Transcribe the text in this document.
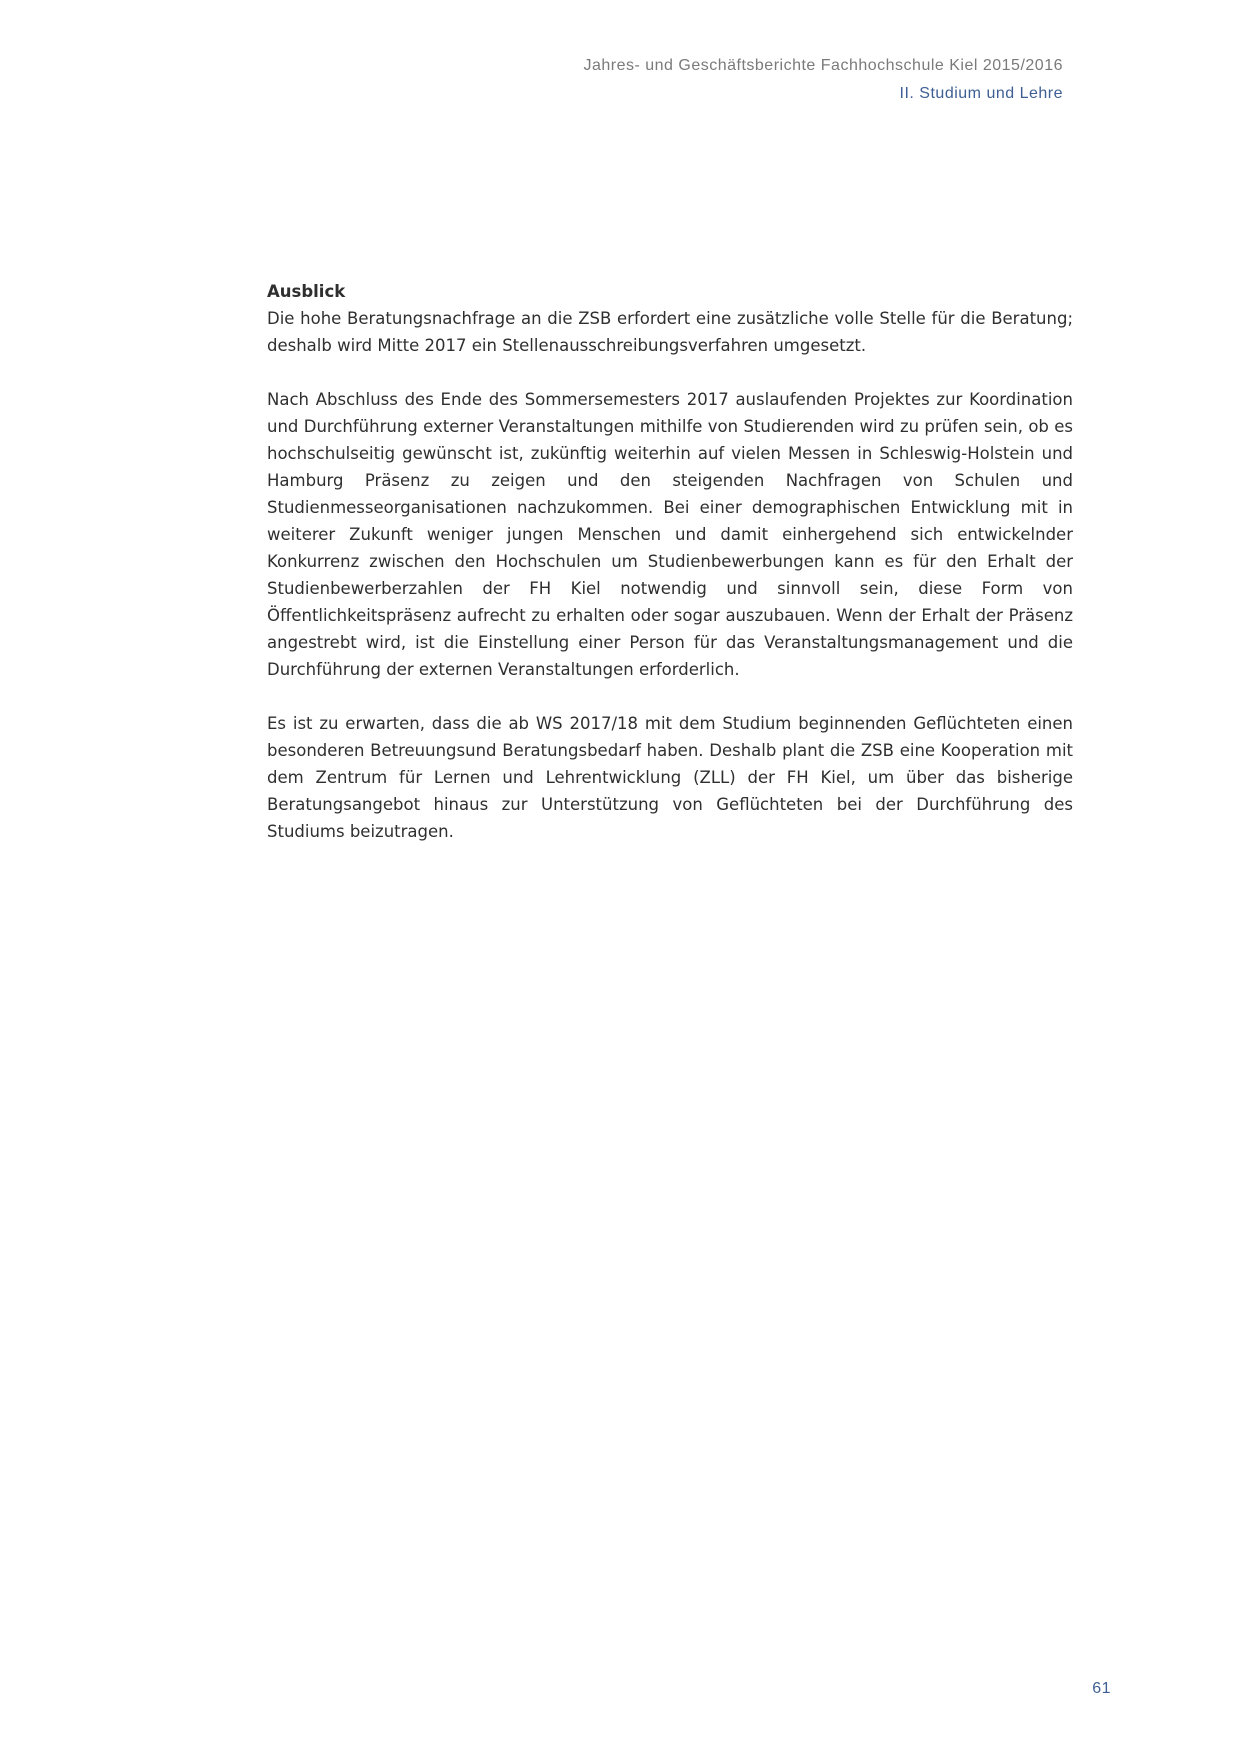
Jahres- und Geschäftsberichte Fachhochschule Kiel 2015/2016
II. Studium und Lehre
Ausblick

Die hohe Beratungsnachfrage an die ZSB erfordert eine zusätzliche volle Stelle für die Beratung; deshalb wird Mitte 2017 ein Stellenausschreibungsverfahren umgesetzt.

Nach Abschluss des Ende des Sommersemesters 2017 auslaufenden Projektes zur Koordination und Durchführung externer Veranstaltungen mithilfe von Studierenden wird zu prüfen sein, ob es hochschulseitig gewünscht ist, zukünftig weiterhin auf vielen Messen in Schleswig-Holstein und Hamburg Präsenz zu zeigen und den steigenden Nachfragen von Schulen und Studienmesseorganisationen nachzukommen. Bei einer demographischen Entwicklung mit in weiterer Zukunft weniger jungen Menschen und damit einhergehend sich entwickelnder Konkurrenz zwischen den Hochschulen um Studienbewerbungen kann es für den Erhalt der Studienbewerberzahlen der FH Kiel notwendig und sinnvoll sein, diese Form von Öffentlichkeitspräsenz aufrecht zu erhalten oder sogar auszubauen. Wenn der Erhalt der Präsenz angestrebt wird, ist die Einstellung einer Person für das Veranstaltungsmanagement und die Durchführung der externen Veranstaltungen erforderlich.

Es ist zu erwarten, dass die ab WS 2017/18 mit dem Studium beginnenden Geflüchteten einen besonderen Betreuungsund Beratungsbedarf haben. Deshalb plant die ZSB eine Kooperation mit dem Zentrum für Lernen und Lehrentwicklung (ZLL) der FH Kiel, um über das bisherige Beratungsangebot hinaus zur Unterstützung von Geflüchteten bei der Durchführung des Studiums beizutragen.

61
